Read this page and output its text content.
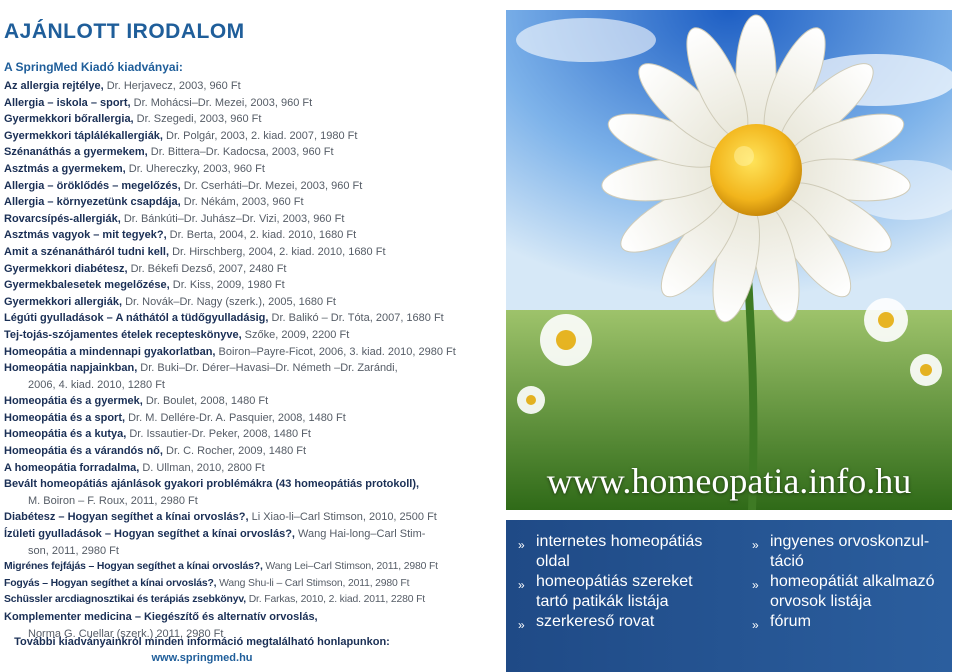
AJÁNLOTT IRODALOM
A SpringMed Kiadó kiadványai:
Az allergia rejtélye, Dr. Herjavecz, 2003, 960 Ft
Allergia – iskola – sport, Dr. Mohácsi–Dr. Mezei, 2003, 960 Ft
Gyermekkori bőrallergia, Dr. Szegedi, 2003, 960 Ft
Gyermekkori táplálékallergiák, Dr. Polgár, 2003, 2. kiad. 2007, 1980 Ft
Szénanáthás a gyermekem, Dr. Bittera–Dr. Kadocsa, 2003, 960 Ft
Asztmás a gyermekem, Dr. Uhereczky, 2003, 960 Ft
Allergia – öröklődés – megelőzés, Dr. Cserháti–Dr. Mezei, 2003, 960 Ft
Allergia – környezetünk csapdája, Dr. Nékám, 2003, 960 Ft
Rovarcsípés-allergiák, Dr. Bánkúti–Dr. Juhász–Dr. Vizi, 2003, 960 Ft
Asztmás vagyok – mit tegyek?, Dr. Berta, 2004, 2. kiad. 2010, 1680 Ft
Amit a szénanátháról tudni kell, Dr. Hirschberg, 2004, 2. kiad. 2010, 1680 Ft
Gyermekkori diabétesz, Dr. Békefi Dezső, 2007, 2480 Ft
Gyermekbalesetek megelőzése, Dr. Kiss, 2009, 1980 Ft
Gyermekkori allergiák, Dr. Novák–Dr. Nagy (szerk.), 2005, 1680 Ft
Légúti gyulladások – A náthától a tüdőgyulladásig, Dr. Balikó – Dr. Tóta, 2007, 1680 Ft
Tej-tojás-szójamentes ételek recepteskönyve, Szőke, 2009, 2200 Ft
Homeopátia a mindennapi gyakorlatban, Boiron–Payre-Ficot, 2006, 3. kiad. 2010, 2980 Ft
Homeopátia napjainkban, Dr. Buki–Dr. Dérer–Havasi–Dr. Németh –Dr. Zarándi,
2006, 4. kiad. 2010, 1280 Ft
Homeopátia és a gyermek, Dr. Boulet, 2008, 1480 Ft
Homeopátia és a sport, Dr. M. Dellére-Dr. A. Pasquier, 2008, 1480 Ft
Homeopátia és a kutya, Dr. Issautier-Dr. Peker, 2008, 1480 Ft
Homeopátia és a várandós nő, Dr. C. Rocher, 2009, 1480 Ft
A homeopátia forradalma, D. Ullman, 2010, 2800 Ft
Bevált homeopátiás ajánlások gyakori problémákra (43 homeopátiás protokoll),
M. Boiron – F. Roux, 2011, 2980 Ft
Diabétesz – Hogyan segíthet a kínai orvoslás?, Li Xiao-li–Carl Stimson, 2010, 2500 Ft
Ízületi gyulladások – Hogyan segíthet a kínai orvoslás?, Wang Hai-long–Carl Stim-
son, 2011, 2980 Ft
Migrénes fejfájás – Hogyan segíthet a kínai orvoslás?, Wang Lei–Carl Stimson, 2011, 2980 Ft
Fogyás – Hogyan segíthet a kínai orvoslás?, Wang Shu-li – Carl Stimson, 2011, 2980 Ft
Schüssler arcdiagnosztikai és terápiás zsebkönyv, Dr. Farkas, 2010, 2. kiad. 2011, 2280 Ft
Komplementer medicina – Kiegészítő és alternatív orvoslás,
Norma G. Cuellar (szerk.) 2011, 2980 Ft
További kiadványainkról minden információ megtalálható honlapunkon:
www.springmed.hu
www.homeopatia.info.hu
» internetes homeopátiás
oldal
» homeopátiás szereket
tartó patikák listája
» szerkereső rovat
» ingyenes orvoskonzul-
táció
» homeopátiát alkalmazó
orvosok listája
» fórum
